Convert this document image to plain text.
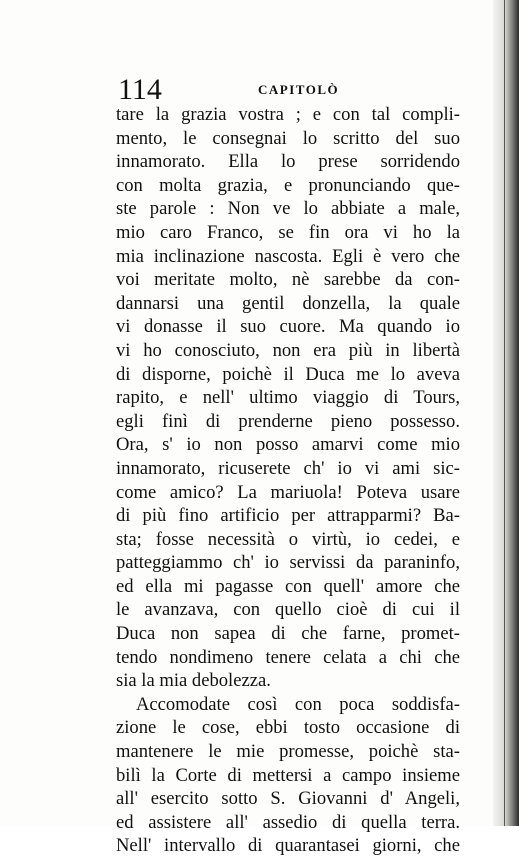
114	CAPITOLÒ
tare la grazia vostra ; e con tal compli-
mento, le consegnai lo scritto del suo
innamorato. Ella lo prese sorridendo
con molta grazia, e pronunciando que-
ste parole : Non ve lo abbiate a male,
mio caro Franco, se fin ora vi ho la
mia inclinazione nascosta. Egli è vero che
voi meritate molto, nè sarebbe da con-
dannarsi una gentil donzella, la quale
vi donasse il suo cuore. Ma quando io
vi ho conosciuto, non era più in libertà
di disporne, poichè il Duca me lo aveva
rapito, e nell' ultimo viaggio di Tours,
egli finì di prenderne pieno possesso.
Ora, s' io non posso amarvi come mio
innamorato, ricuserete ch' io vi ami sic-
come amico? La mariuola! Poteva usare
di più fino artificio per attrapparmi? Ba-
sta; fosse necessità o virtù, io cedei, e
patteggiammo ch' io servissi da paraninfo,
ed ella mi pagasse con quell' amore che
le avanzava, con quello cioè di cui il
Duca non sapea di che farne, promet-
tendo nondimeno tenere celata a chi che
sia la mia debolezza.
Accomodate così con poca soddisfa-
zione le cose, ebbi tosto occasione di
mantenere le mie promesse, poichè sta-
bilì la Corte di mettersi a campo insieme
all' esercito sotto S. Giovanni d' Angeli,
ed assistere all' assedio di quella terra.
Nell' intervallo di quarantasei giorni, che
